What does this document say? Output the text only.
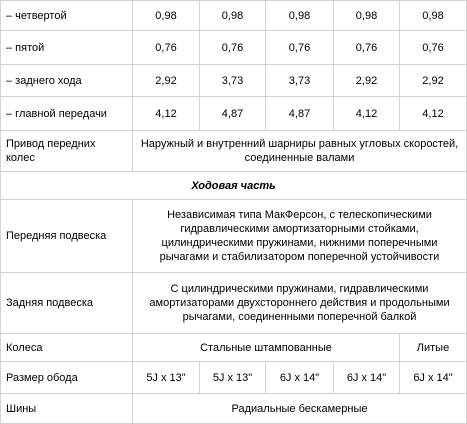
– четвертой	0,98	0,98	0,98	0,98	0,98
– пятой	0,76	0,76	0,76	0,76	0,76
– заднего хода	2,92	3,73	3,73	2,92	2,92
– главной передачи	4,12	4,87	4,87	4,12	4,12
Привод передних колес	Наружный и внутренний шарниры равных угловых скоростей, соединенные валами				
Ходовая часть					
Передняя подвеска	Независимая типа МакФерсон, с телескопическими гидравлическими амортизаторными стойками, цилиндрическими пружинами, нижними поперечными рычагами и стабилизатором поперечной устойчивости				
Задняя подвеска	С цилиндрическими пружинами, гидравлическими амортизаторами двухстороннего действия и продольными рычагами, соединенными поперечной балкой				
Колеса	Стальные штампованные				Литые
Размер обода	5J x 13"	5J x 13"	6J x 14"	6J x 14"	6J x 14"
Шины	Радиальные бескамерные				
